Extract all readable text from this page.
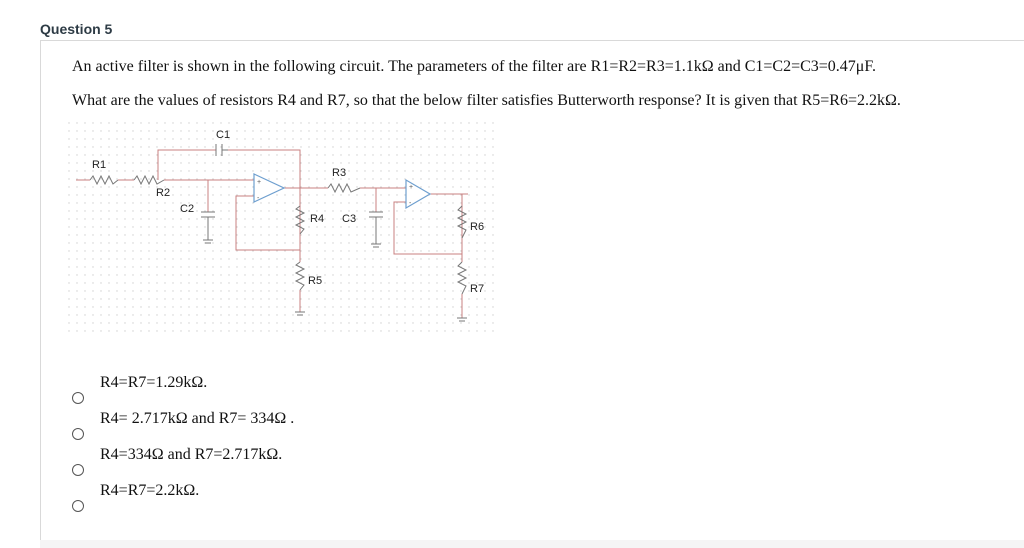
Question 5
An active filter is shown in the following circuit. The parameters of the filter are R1=R2=R3=1.1kΩ and C1=C2=C3=0.47μF.
What are the values of resistors R4 and R7, so that the below filter satisfies Butterworth response? It is given that R5=R6=2.2kΩ.
+
-
+
-
R1
R2
C1
C2
R3
R4 C3
R5
R6
R7
R4=R7=1.29kΩ.
R4= 2.717kΩ and R7= 334Ω .
R4=334Ω and R7=2.717kΩ.
R4=R7=2.2kΩ.
